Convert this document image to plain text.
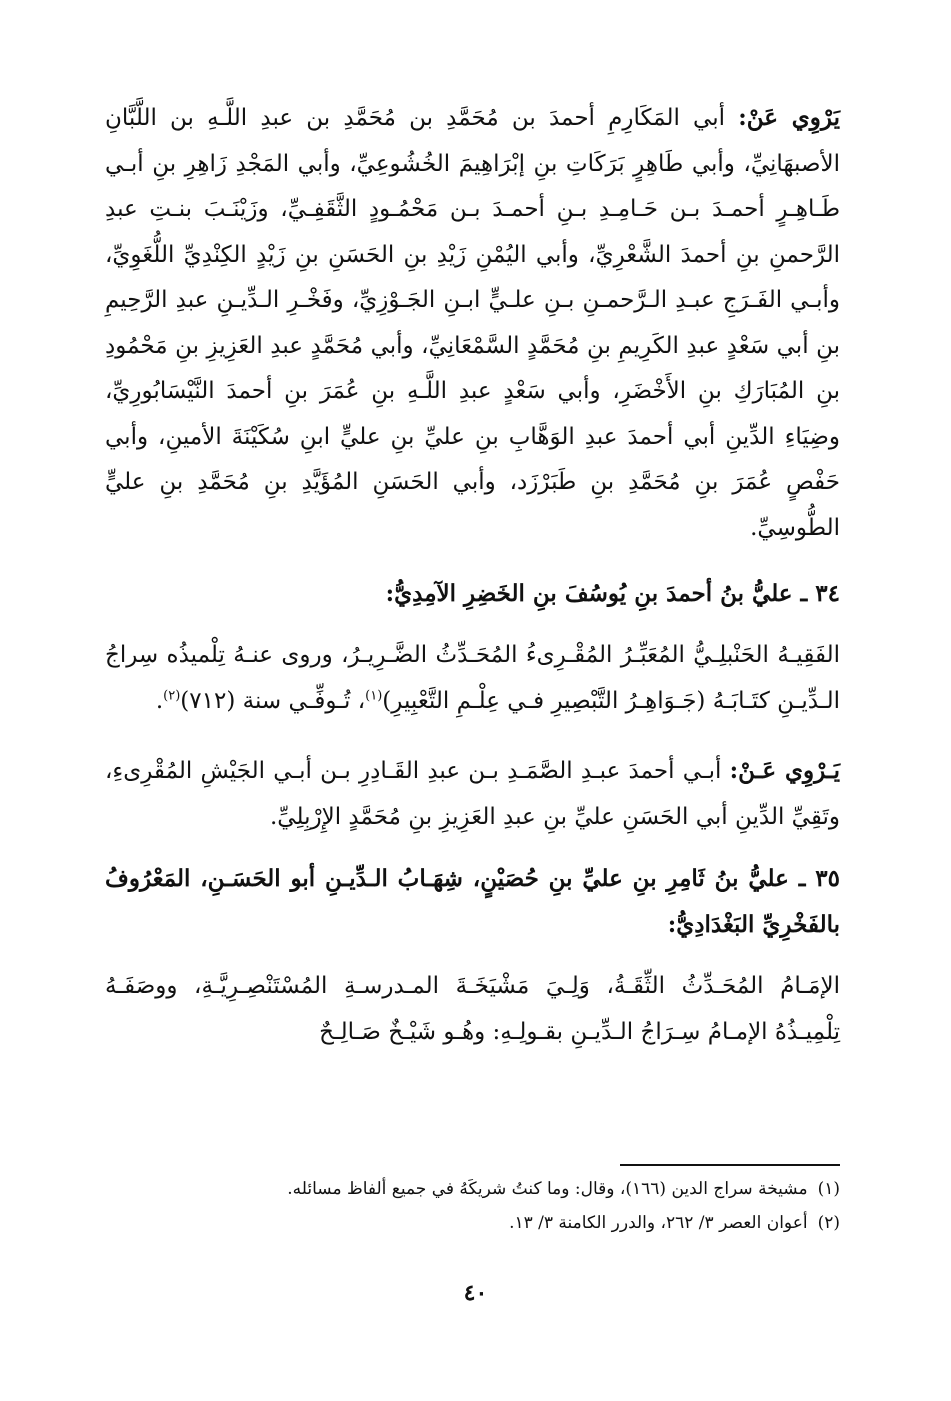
يَرْوِي عَنْ: أبي المَكَارِمِ أحمدَ بن مُحَمَّدِ بن مُحَمَّدِ بن عبدِ اللَّـهِ بن اللَّبَّانِ الأصبهَانِيِّ، وأبي طَاهِرٍ بَرَكَاتِ بنِ إبْرَاهِيمَ الخُشُوعِيِّ، وأبي المَجْدِ زَاهِرِ بنِ أبـي طَـاهِـرٍ أحمـدَ بـن حَـامِـدِ بـنِ أحمـدَ بـن مَحْمُـودٍ الثَّقَفِـيِّ، وزَيْنَـبَ بنـتِ عبدِ الرَّحمنِ بنِ أحمدَ الشَّعْرِيِّ، وأبي اليُمْنِ زَيْدِ بنِ الحَسَنِ بنِ زَيْدٍ الكِنْدِيِّ اللُّغَوِيِّ، وأبـي الفَـرَجِ عبـدِ الـرَّحمـنِ بـنِ علـيٍّ ابـنِ الجَـوْزِيِّ، وفَخْـرِ الـدِّيـنِ عبدِ الرَّحِيمِ بنِ أبي سَعْدٍ عبدِ الكَرِيمِ بنِ مُحَمَّدٍ السَّمْعَانِيِّ، وأبي مُحَمَّدٍ عبدِ العَزِيزِ بنِ مَحْمُودِ بنِ المُبَارَكِ بنِ الأَخْضَرِ، وأبي سَعْدٍ عبدِ اللَّـهِ بنِ عُمَرَ بنِ أحمدَ النَّيْسَابُورِيِّ، وضِيَاءِ الدِّينِ أبي أحمدَ عبدِ الوَهَّابِ بنِ عليِّ بنِ عليٍّ ابنِ سُكَيْنَةَ الأمينِ، وأبي حَفْصٍ عُمَرَ بنِ مُحَمَّدِ بنِ طَبَرْزَد، وأبي الحَسَنِ المُؤَيَّدِ بنِ مُحَمَّدِ بنِ عليٍّ الطُّوسِيِّ.

٣٤ ـ عليُّ بنُ أحمدَ بنِ يُوسُفَ بنِ الخَضِرِ الآمِدِيُّ:

الفَقِيـهُ الحَنْبلِـيُّ المُعَبِّـرُ المُقْـرِىءُ المُحَـدِّثُ الضَّـرِيـرُ، وروى عنـهُ تِلْميذُه سِراجُ الـدِّيـنِ كتَـابَـهُ (جَـوَاهِـرُ التَّبْصِيرِ فـي عِلْـمِ التَّعْبِيرِ)$^{(١)}$، تُـوفِّـي سنة (٧١٢)$^{(٢)}$.

يَـرْوِي عَـنْ: أبـي أحمدَ عبـدِ الصَّمَـدِ بـن عبدِ القَـادِرِ بـن أبـي الجَيْشِ المُقْرِىءِ، وتَقِيِّ الدِّينِ أبي الحَسَنِ عليِّ بنِ عبدِ العَزِيزِ بنِ مُحَمَّدٍ الإِرْبِلِيِّ.

٣٥ ـ عليُّ بنُ ثَامِرِ بنِ عليِّ بنِ حُصَيْنٍ، شِهَـابُ الـدِّيـنِ أبو الحَسَـنِ، المَعْرُوفُ بالفَخْرِيِّ البَغْدَادِيُّ:

الإمَـامُ المُحَـدِّثُ الثِّقَـةُ، وَلِـيَ مَشْيَخَـةَ المـدرسـةِ المُسْتَنْصِـرِيَّـةِ، ووصَفَـهُ تِلْمِيـذُهُ الإمـامُ سِـرَاجُ الـدِّيـنِ بقـولِـهِ: وهُـو شَيْـخٌ صَـالِـحٌ

(١)مشيخة سراج الدين (١٦٦)، وقال: وما كنتُ شريكَهُ في جميع ألفاظ مسائله.

(٢)أعوان العصر ٣/ ٢٦٢، والدرر الكامنة ٣/ ١٣.

٤٠
